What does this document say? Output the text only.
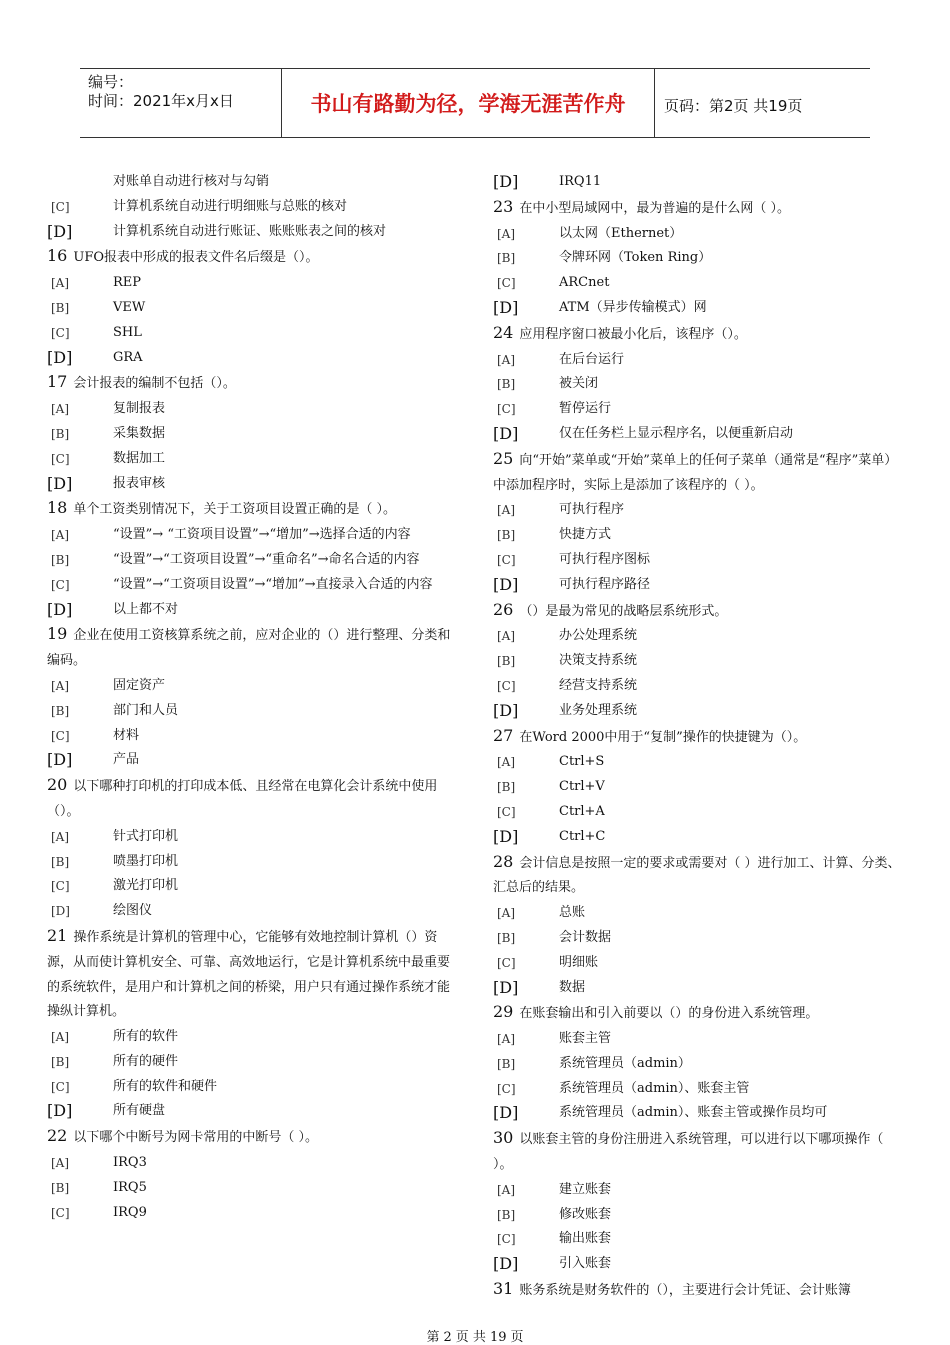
编号：
时间：2021年x月x日	书山有路勤为径，学海无涯苦作舟	页码：第2页 共19页
对账单自动进行核对与勾销
[C]	计算机系统自动进行明细账与总账的核对
[D]	计算机系统自动进行账证、账账账表之间的核对
16 UFO报表中形成的报表文件名后缀是（）。
[A]	REP
[B]	VEW
[C]	SHL
[D]	GRA
17 会计报表的编制不包括（）。
[A]	复制报表
[B]	采集数据
[C]	数据加工
[D]	报表审核
18 单个工资类别情况下，关于工资项目设置正确的是（ ）。
[A]	“设置”→ “工资项目设置”→“增加”→选择合适的内容
[B]	“设置”→“工资项目设置”→“重命名”→命名合适的内容
[C]	“设置”→“工资项目设置”→“增加”→直接录入合适的内容
[D]	以上都不对
19 企业在使用工资核算系统之前，应对企业的（）进行整理、分类和编码。
[A]	固定资产
[B]	部门和人员
[C]	材料
[D]	产品
20 以下哪种打印机的打印成本低、且经常在电算化会计系统中使用（）。
[A]	针式打印机
[B]	喷墨打印机
[C]	激光打印机
[D]	绘图仪
21 操作系统是计算机的管理中心，它能够有效地控制计算机（）资源，从而使计算机安全、可靠、高效地运行，它是计算机系统中最重要的系统软件，是用户和计算机之间的桥梁，用户只有通过操作系统才能操纵计算机。
[A]	所有的软件
[B]	所有的硬件
[C]	所有的软件和硬件
[D]	所有硬盘
22 以下哪个中断号为网卡常用的中断号（ ）。
[A]	IRQ3
[B]	IRQ5
[C]	IRQ9
[D]	IRQ11
23 在中小型局域网中，最为普遍的是什么网（ ）。
[A]	以太网（Ethernet）
[B]	令牌环网（Token Ring）
[C]	ARCnet
[D]	ATM（异步传输模式）网
24 应用程序窗口被最小化后，该程序（）。
[A]	在后台运行
[B]	被关闭
[C]	暂停运行
[D]	仅在任务栏上显示程序名，以便重新启动
25 向“开始”菜单或“开始”菜单上的任何子菜单（通常是“程序”菜单）中添加程序时，实际上是添加了该程序的（ ）。
[A]	可执行程序
[B]	快捷方式
[C]	可执行程序图标
[D]	可执行程序路径
26 （）是最为常见的战略层系统形式。
[A]	办公处理系统
[B]	决策支持系统
[C]	经营支持系统
[D]	业务处理系统
27 在Word 2000中用于“复制”操作的快捷键为（）。
[A]	Ctrl+S
[B]	Ctrl+V
[C]	Ctrl+A
[D]	Ctrl+C
28 会计信息是按照一定的要求或需要对（ ）进行加工、计算、分类、汇总后的结果。
[A]	总账
[B]	会计数据
[C]	明细账
[D]	数据
29 在账套输出和引入前要以（）的身份进入系统管理。
[A]	账套主管
[B]	系统管理员（admin）
[C]	系统管理员（admin）、账套主管
[D]	系统管理员（admin）、账套主管或操作员均可
30 以账套主管的身份注册进入系统管理，可以进行以下哪项操作（ ）。
[A]	建立账套
[B]	修改账套
[C]	输出账套
[D]	引入账套
31 账务系统是财务软件的（），主要进行会计凭证、会计账簿
第 2 页 共 19 页
